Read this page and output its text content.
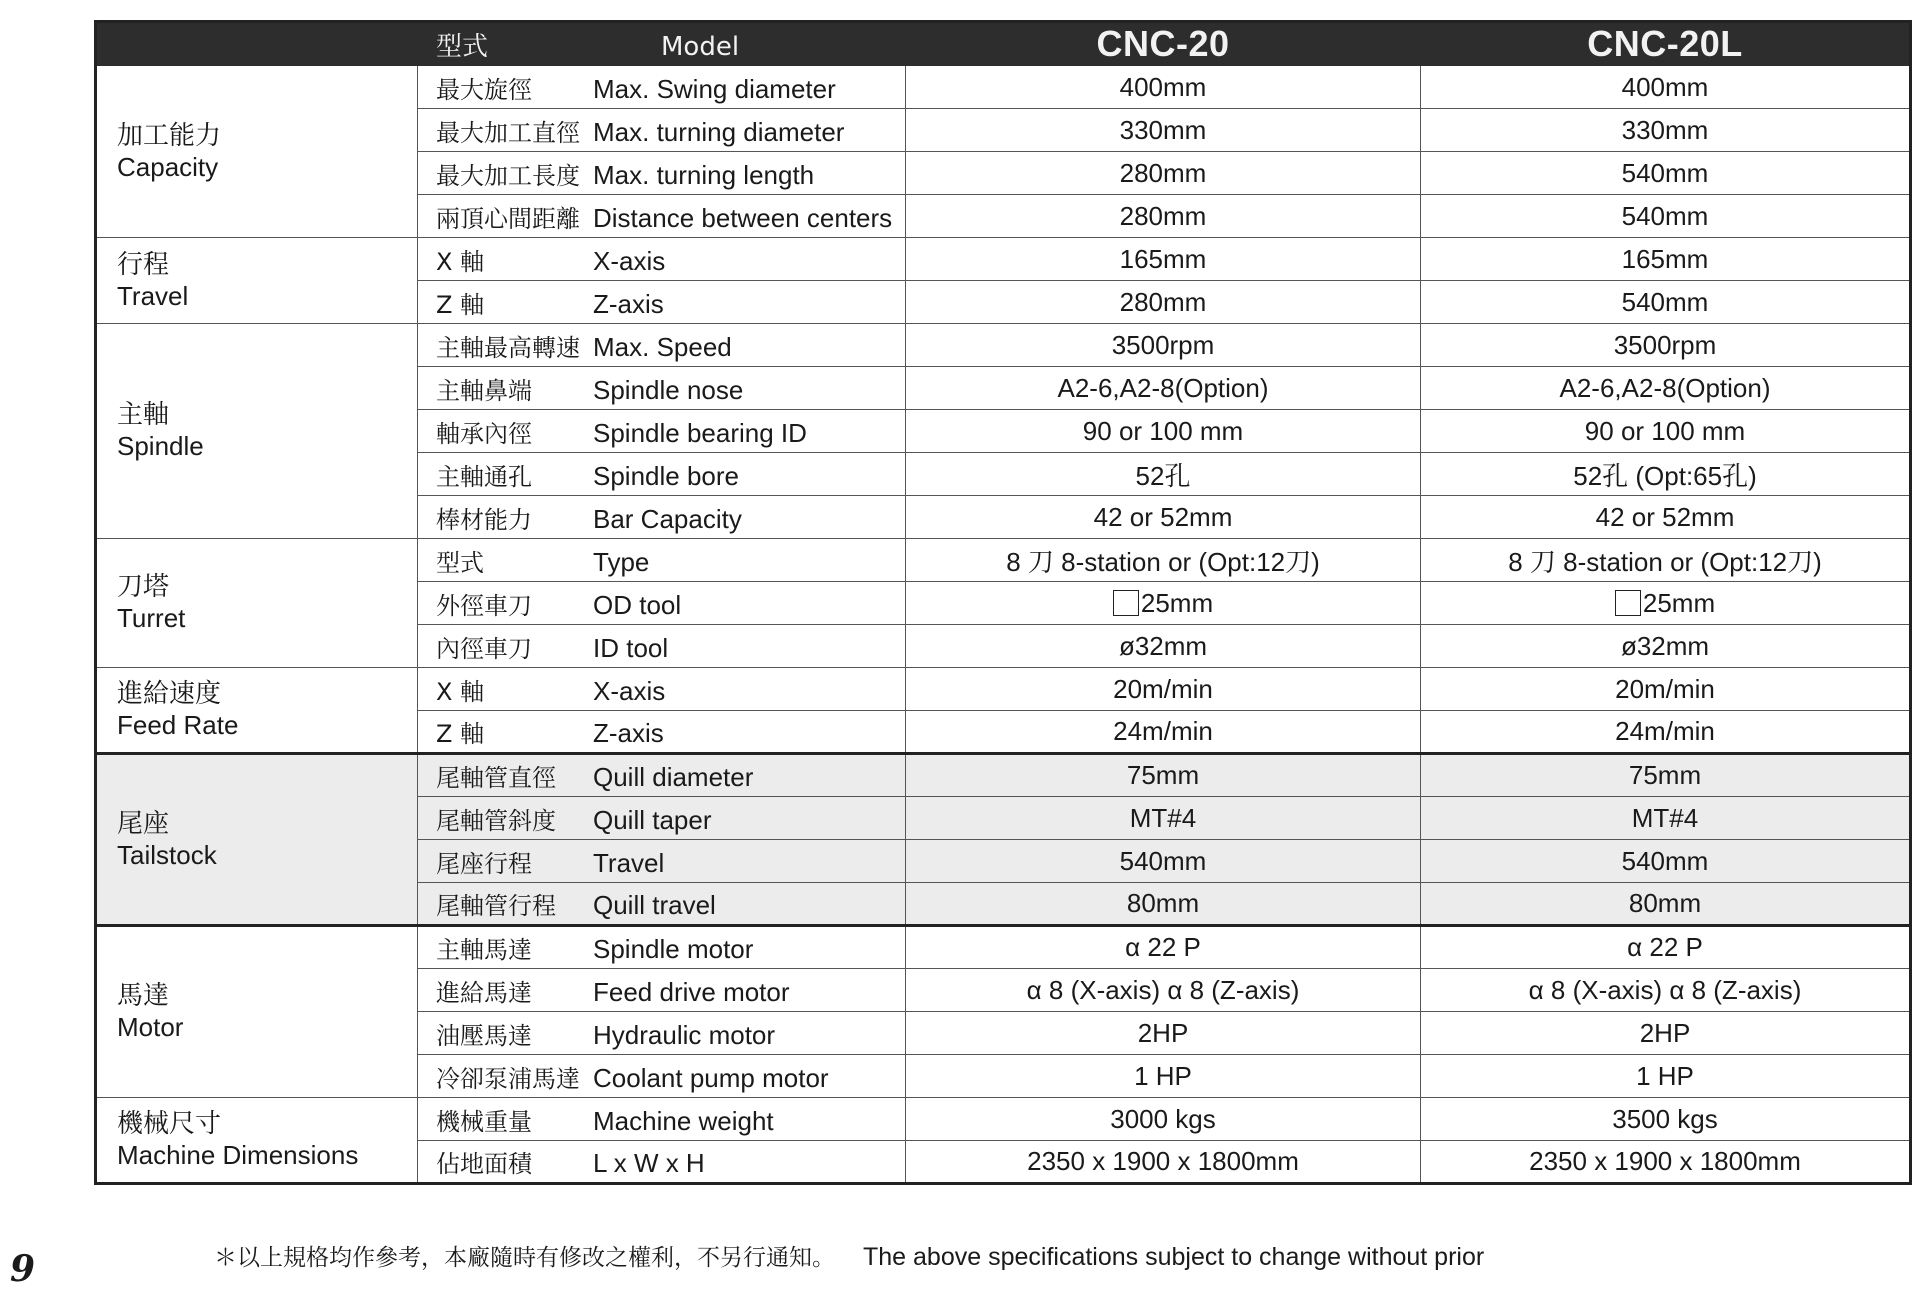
	型式 Model	CNC-20	CNC-20L

加工能力
Capacity	最大旋徑 Max. Swing diameter	400mm	400mm
	最大加工直徑 Max. turning diameter	330mm	330mm
	最大加工長度 Max. turning length	280mm	540mm
	兩頂心間距離 Distance between centers	280mm	540mm

行程
Travel	X 軸 X-axis	165mm	165mm
	Z 軸 Z-axis	280mm	540mm

主軸
Spindle	主軸最高轉速 Max. Speed	3500rpm	3500rpm
	主軸鼻端 Spindle nose	A2-6,A2-8(Option)	A2-6,A2-8(Option)
	軸承內徑 Spindle bearing ID	90 or 100 mm	90 or 100 mm
	主軸通孔 Spindle bore	52孔	52孔 (Opt:65孔)
	棒材能力 Bar Capacity	42 or 52mm	42 or 52mm

刀塔
Turret	型式 Type	8 刀 8-station or (Opt:12刀)	8 刀 8-station or (Opt:12刀)
	外徑車刀 OD tool	25mm	25mm
	內徑車刀 ID tool	ø32mm	ø32mm

進給速度
Feed Rate	X 軸 X-axis	20m/min	20m/min
	Z 軸 Z-axis	24m/min	24m/min

尾座
Tailstock	尾軸管直徑 Quill diameter	75mm	75mm
	尾軸管斜度 Quill taper	MT#4	MT#4
	尾座行程 Travel	540mm	540mm
	尾軸管行程 Quill travel	80mm	80mm

馬達
Motor	主軸馬達 Spindle motor	α 22 P	α 22 P
	進給馬達 Feed drive motor	α 8 (X-axis) α 8 (Z-axis)	α 8 (X-axis) α 8 (Z-axis)
	油壓馬達 Hydraulic motor	2HP	2HP
	冷卻泵浦馬達 Coolant pump motor	1 HP	1 HP

機械尺寸
Machine Dimensions	機械重量 Machine weight	3000 kgs	3500 kgs
	佔地面積 L x W x H	2350 x 1900 x 1800mm	2350 x 1900 x 1800mm
＊以上規格均作參考，本廠隨時有修改之權利，不另行通知。 The above specifications subject to change without prior
9
